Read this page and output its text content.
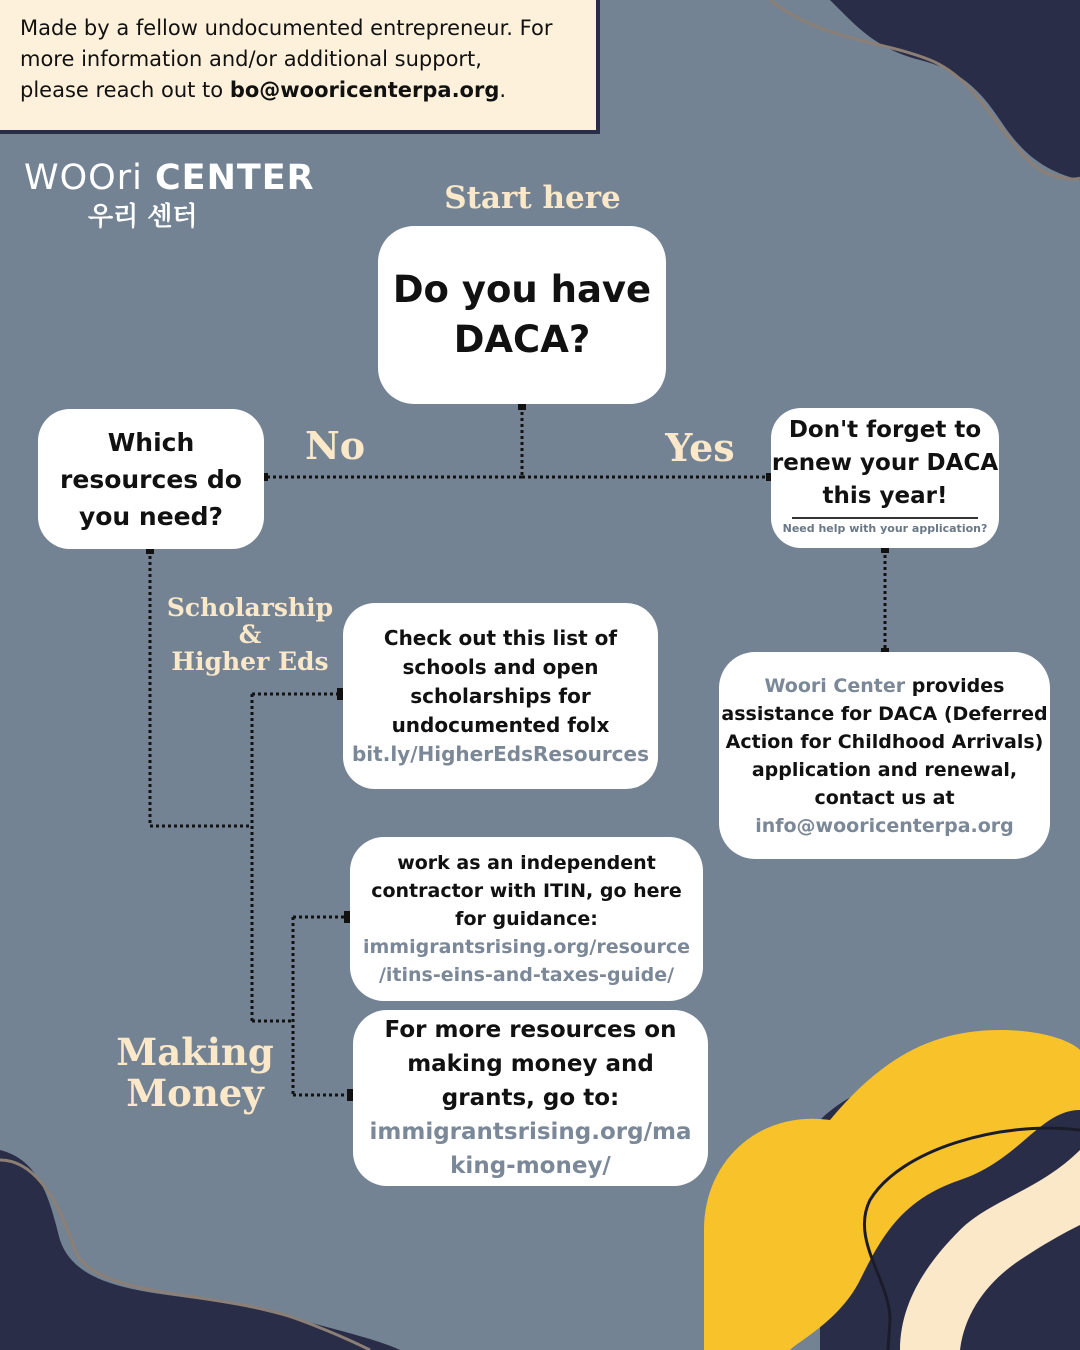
Made by a fellow undocumented entrepreneur. For
more information and/or additional support,
please reach out to bo@wooricenterpa.org.
WOOri CENTER
우리 센터
Start here
No	Yes
Scholarship
&
Higher Eds
Making
Money
Do you have
DACA?
Which
resources do
you need?
Don't forget to
renew your DACA
this year!
Need help with your application?
Check out this list of
schools and open
scholarships for
undocumented folx
bit.ly/HigherEdsResources
Woori Center provides
assistance for DACA (Deferred
Action for Childhood Arrivals)
application and renewal,
contact us at
info@wooricenterpa.org
work as an independent
contractor with ITIN, go here
for guidance:
immigrantsrising.org/resource
/itins-eins-and-taxes-guide/
For more resources on
making money and
grants, go to:
immigrantsrising.org/ma
king-money/
